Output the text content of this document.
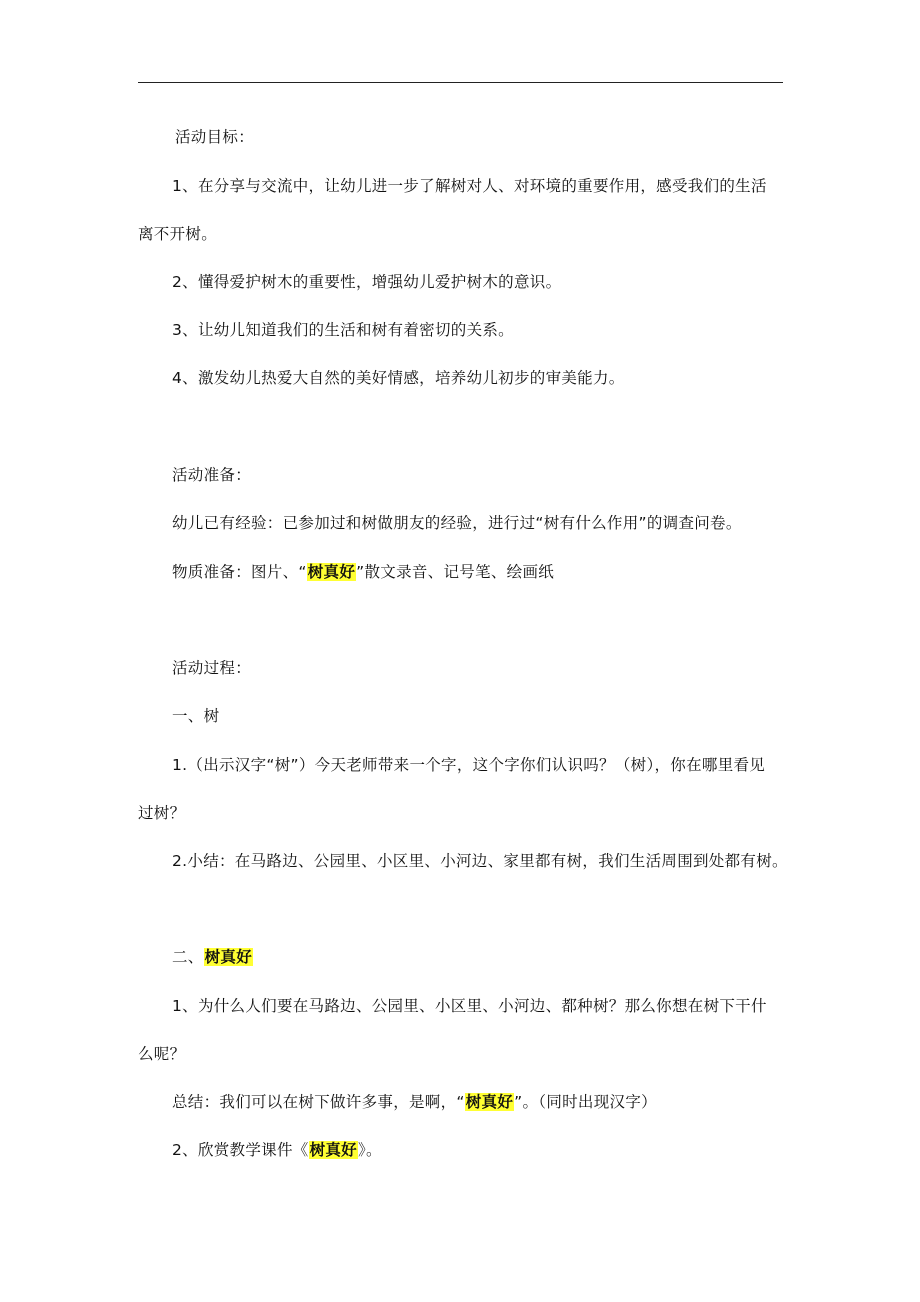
活动目标：
1、在分享与交流中，让幼儿进一步了解树对人、对环境的重要作用，感受我们的生活
离不开树。
2、懂得爱护树木的重要性，增强幼儿爱护树木的意识。
3、让幼儿知道我们的生活和树有着密切的关系。
4、激发幼儿热爱大自然的美好情感，培养幼儿初步的审美能力。
活动准备：
幼儿已有经验：已参加过和树做朋友的经验，进行过“树有什么作用”的调查问卷。
物质准备：图片、“树真好”散文录音、记号笔、绘画纸
活动过程：
一、树
1.（出示汉字“树”）今天老师带来一个字，这个字你们认识吗？（树），你在哪里看见
过树？
2.小结：在马路边、公园里、小区里、小河边、家里都有树，我们生活周围到处都有树。
二、树真好
1、为什么人们要在马路边、公园里、小区里、小河边、都种树？那么你想在树下干什
么呢？
总结：我们可以在树下做许多事，是啊，“树真好”。（同时出现汉字）
2、欣赏教学课件《树真好》。
